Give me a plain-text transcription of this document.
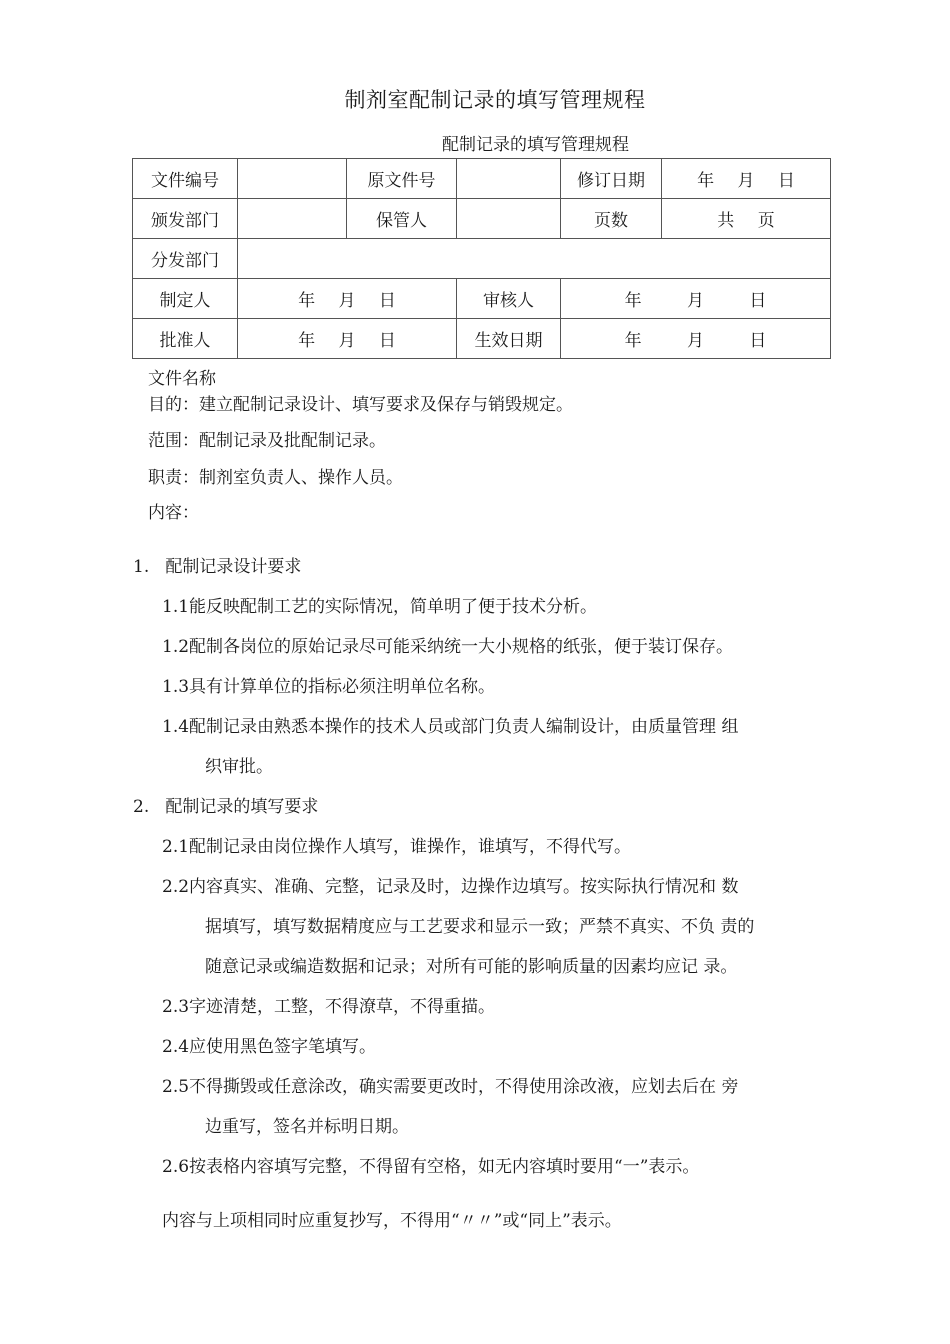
制剂室配制记录的填写管理规程
配制记录的填写管理规程
文件编号		原文件号		修订日期	年 月 日
颁发部门		保管人		页数	共 页
分发部门					
制定人	年 月 日		审核人	年 月 日	
批准人	年 月 日		生效日期	年 月 日	
文件名称
目的：建立配制记录设计、填写要求及保存与销毁规定。
范围：配制记录及批配制记录。
职责：制剂室负责人、操作人员。
内容：
1.   配制记录设计要求
1.1能反映配制工艺的实际情况，简单明了便于技术分析。
1.2配制各岗位的原始记录尽可能采纳统一大小规格的纸张，便于装订保存。
1.3具有计算单位的指标必须注明单位名称。
1.4配制记录由熟悉本操作的技术人员或部门负责人编制设计，由质量管理 组
织审批。
2.   配制记录的填写要求
2.1配制记录由岗位操作人填写，谁操作，谁填写，不得代写。
2.2内容真实、准确、完整，记录及时，边操作边填写。按实际执行情况和 数
据填写，填写数据精度应与工艺要求和显示一致；严禁不真实、不负 责的
随意记录或编造数据和记录；对所有可能的影响质量的因素均应记 录。
2.3字迹清楚，工整，不得潦草，不得重描。
2.4应使用黑色签字笔填写。
2.5不得撕毁或任意涂改，确实需要更改时，不得使用涂改液，应划去后在 旁
边重写，签名并标明日期。
2.6按表格内容填写完整，不得留有空格，如无内容填时要用“一”表示。
内容与上项相同时应重复抄写，不得用“〃〃”或“同上”表示。
